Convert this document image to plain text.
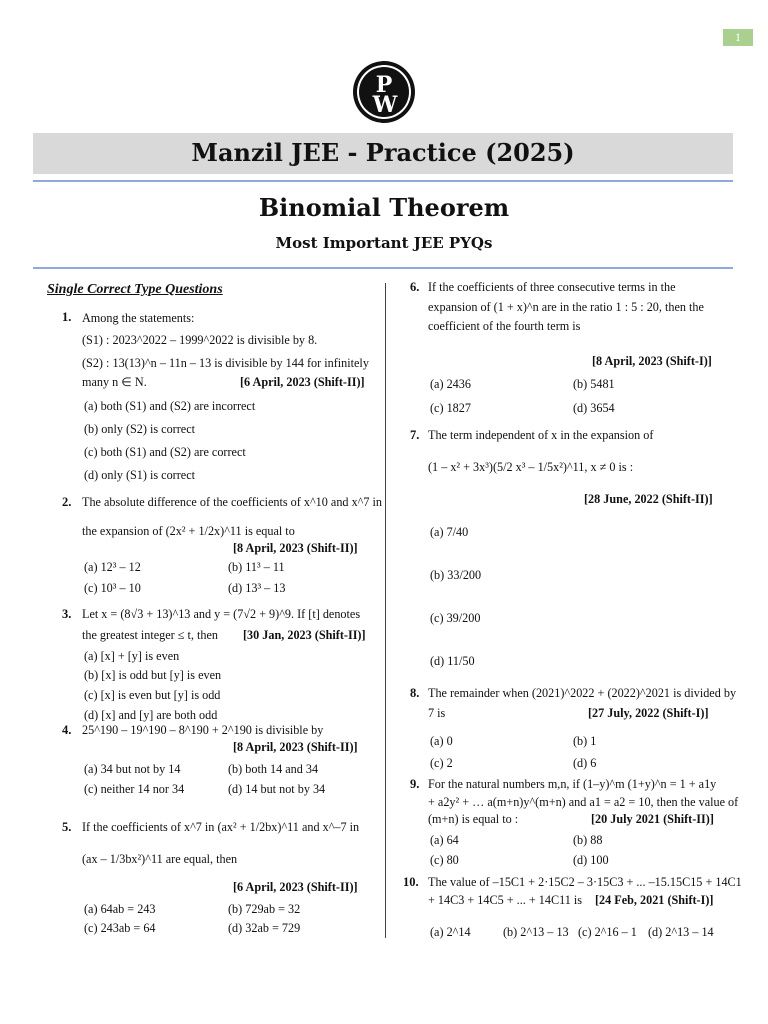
1
P
W
Manzil JEE - Practice (2025)
Binomial Theorem
Most Important JEE PYQs
Single Correct Type Questions
1. Among the statements:
(S1) : 2023^2022 – 1999^2022 is divisible by 8.
(S2) : 13(13)^n – 11n – 13 is divisible by 144 for infinitely
many n ∈ N.	[6 April, 2023 (Shift-II)]
(a) both (S1) and (S2) are incorrect
(b) only (S2) is correct
(c) both (S1) and (S2) are correct
(d) only (S1) is correct
2. The absolute difference of the coefficients of x^10 and x^7 in
the expansion of (2x² + 1/2x)^11 is equal to
[8 April, 2023 (Shift-II)]
(a) 12³ – 12	(b) 11³ – 11
(c) 10³ – 10	(d) 13³ – 13
3. Let x = (8√3 + 13)^13 and y = (7√2 + 9)^9. If [t] denotes
the greatest integer ≤ t, then [30 Jan, 2023 (Shift-II)]
(a) [x] + [y] is even
(b) [x] is odd but [y] is even
(c) [x] is even but [y] is odd
(d) [x] and [y] are both odd
4. 25^190 – 19^190 – 8^190 + 2^190 is divisible by
[8 April, 2023 (Shift-II)]
(a) 34 but not by 14	(b) both 14 and 34
(c) neither 14 nor 34	(d) 14 but not by 34
5. If the coefficients of x^7 in (ax² + 1/2bx)^11 and x^–7 in
(ax – 1/3bx²)^11 are equal, then
[6 April, 2023 (Shift-II)]
(a) 64ab = 243	(b) 729ab = 32
(c) 243ab = 64	(d) 32ab = 729
6. If the coefficients of three consecutive terms in the
expansion of (1 + x)^n are in the ratio 1 : 5 : 20, then the
coefficient of the fourth term is
[8 April, 2023 (Shift-I)]
(a) 2436	(b) 5481
(c) 1827	(d) 3654
7. The term independent of x in the expansion of
(1 – x² + 3x³)(5/2 x³ – 1/5x²)^11, x ≠ 0 is :
[28 June, 2022 (Shift-II)]
(a) 7/40
(b) 33/200
(c) 39/200
(d) 11/50
8. The remainder when (2021)^2022 + (2022)^2021 is divided by
7 is	[27 July, 2022 (Shift-I)]
(a) 0	(b) 1
(c) 2	(d) 6
9. For the natural numbers m,n, if (1–y)^m (1+y)^n = 1 + a1y
+ a2y² + … a(m+n)y^(m+n) and a1 = a2 = 10, then the value of
(m+n) is equal to :	[20 July 2021 (Shift-II)]
(a) 64	(b) 88
(c) 80	(d) 100
10. The value of –15C1 + 2·15C2 – 3·15C3 + ... –15.15C15 + 14C1
+ 14C3 + 14C5 + ... + 14C11 is [24 Feb, 2021 (Shift-I)]
(a) 2^14	(b) 2^13 – 13 (c) 2^16 – 1 (d) 2^13 – 14
